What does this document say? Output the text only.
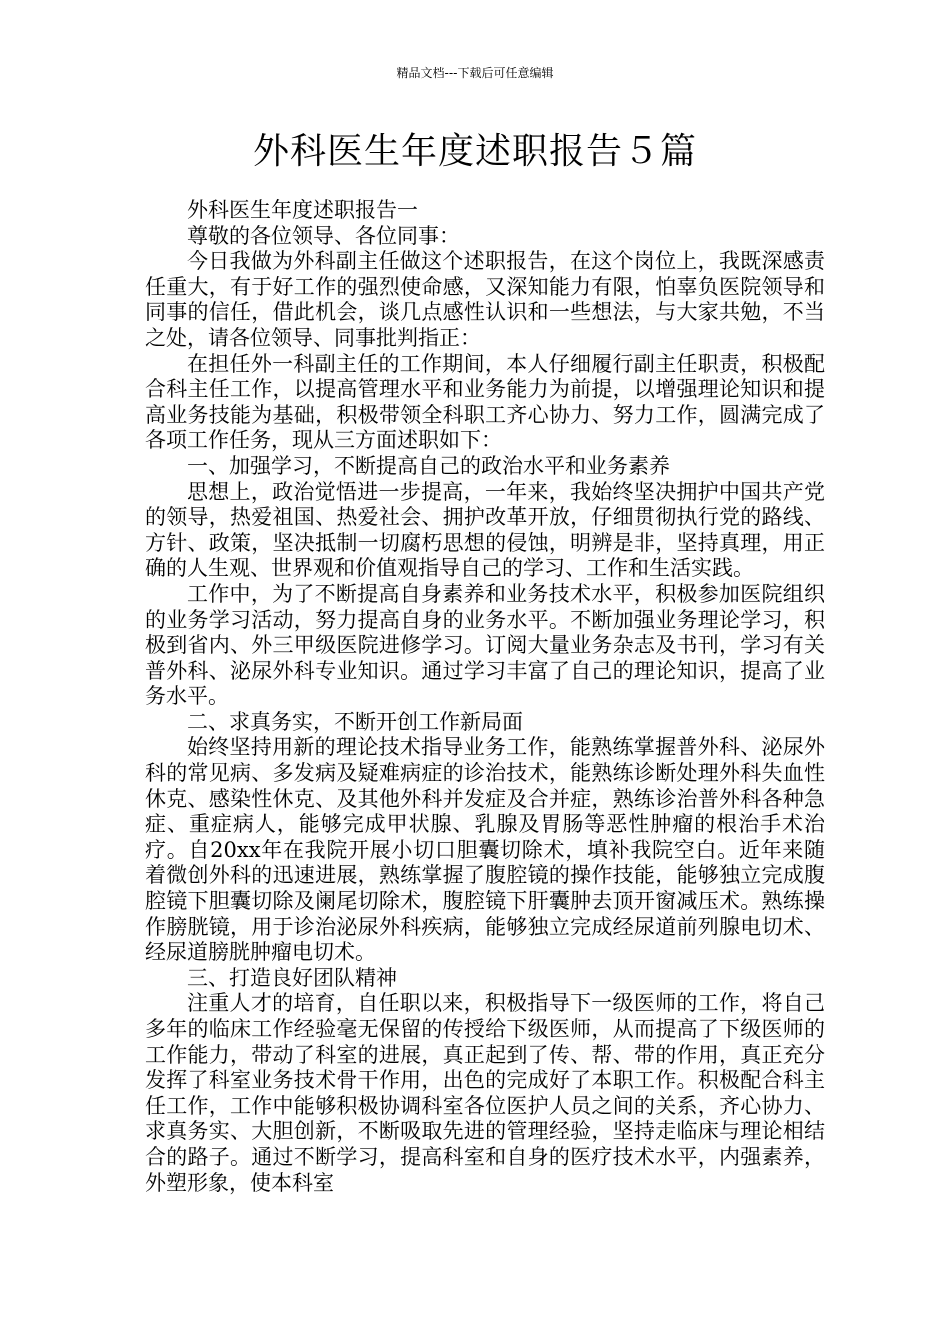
精品文档---下载后可任意编辑
外科医生年度述职报告５篇

外科医生年度述职报告一

尊敬的各位领导、各位同事：

今日我做为外科副主任做这个述职报告，在这个岗位上，我既深感责任重大，有于好工作的强烈使命感，又深知能力有限，怕辜负医院领导和同事的信任，借此机会，谈几点感性认识和一些想法，与大家共勉，不当之处，请各位领导、同事批判指正：

在担任外一科副主任的工作期间，本人仔细履行副主任职责，积极配合科主任工作，以提高管理水平和业务能力为前提，以增强理论知识和提高业务技能为基础，积极带领全科职工齐心协力、努力工作，圆满完成了各项工作任务，现从三方面述职如下：

一、加强学习，不断提高自己的政治水平和业务素养

思想上，政治觉悟进一步提高，一年来，我始终坚决拥护中国共产党的领导，热爱祖国、热爱社会、拥护改革开放，仔细贯彻执行党的路线、方针、政策，坚决抵制一切腐朽思想的侵蚀，明辨是非，坚持真理，用正确的人生观、世界观和价值观指导自己的学习、工作和生活实践。

工作中，为了不断提高自身素养和业务技术水平，积极参加医院组织的业务学习活动，努力提高自身的业务水平。不断加强业务理论学习，积极到省内、外三甲级医院进修学习。订阅大量业务杂志及书刊，学习有关普外科、泌尿外科专业知识。通过学习丰富了自己的理论知识，提高了业务水平。

二、求真务实，不断开创工作新局面

始终坚持用新的理论技术指导业务工作，能熟练掌握普外科、泌尿外科的常见病、多发病及疑难病症的诊治技术，能熟练诊断处理外科失血性休克、感染性休克、及其他外科并发症及合并症，熟练诊治普外科各种急症、重症病人，能够完成甲状腺、乳腺及胃肠等恶性肿瘤的根治手术治疗。自20xx年在我院开展小切口胆囊切除术，填补我院空白。近年来随着微创外科的迅速进展，熟练掌握了腹腔镜的操作技能，能够独立完成腹腔镜下胆囊切除及阑尾切除术，腹腔镜下肝囊肿去顶开窗减压术。熟练操作膀胱镜，用于诊治泌尿外科疾病，能够独立完成经尿道前列腺电切术、经尿道膀胱肿瘤电切术。

三、打造良好团队精神

注重人才的培育，自任职以来，积极指导下一级医师的工作，将自己多年的临床工作经验毫无保留的传授给下级医师，从而提高了下级医师的工作能力，带动了科室的进展，真正起到了传、帮、带的作用，真正充分发挥了科室业务技术骨干作用，出色的完成好了本职工作。积极配合科主任工作，工作中能够积极协调科室各位医护人员之间的关系，齐心协力、求真务实、大胆创新，不断吸取先进的管理经验，坚持走临床与理论相结合的路子。通过不断学习，提高科室和自身的医疗技术水平，内强素养，外塑形象，使本科室
